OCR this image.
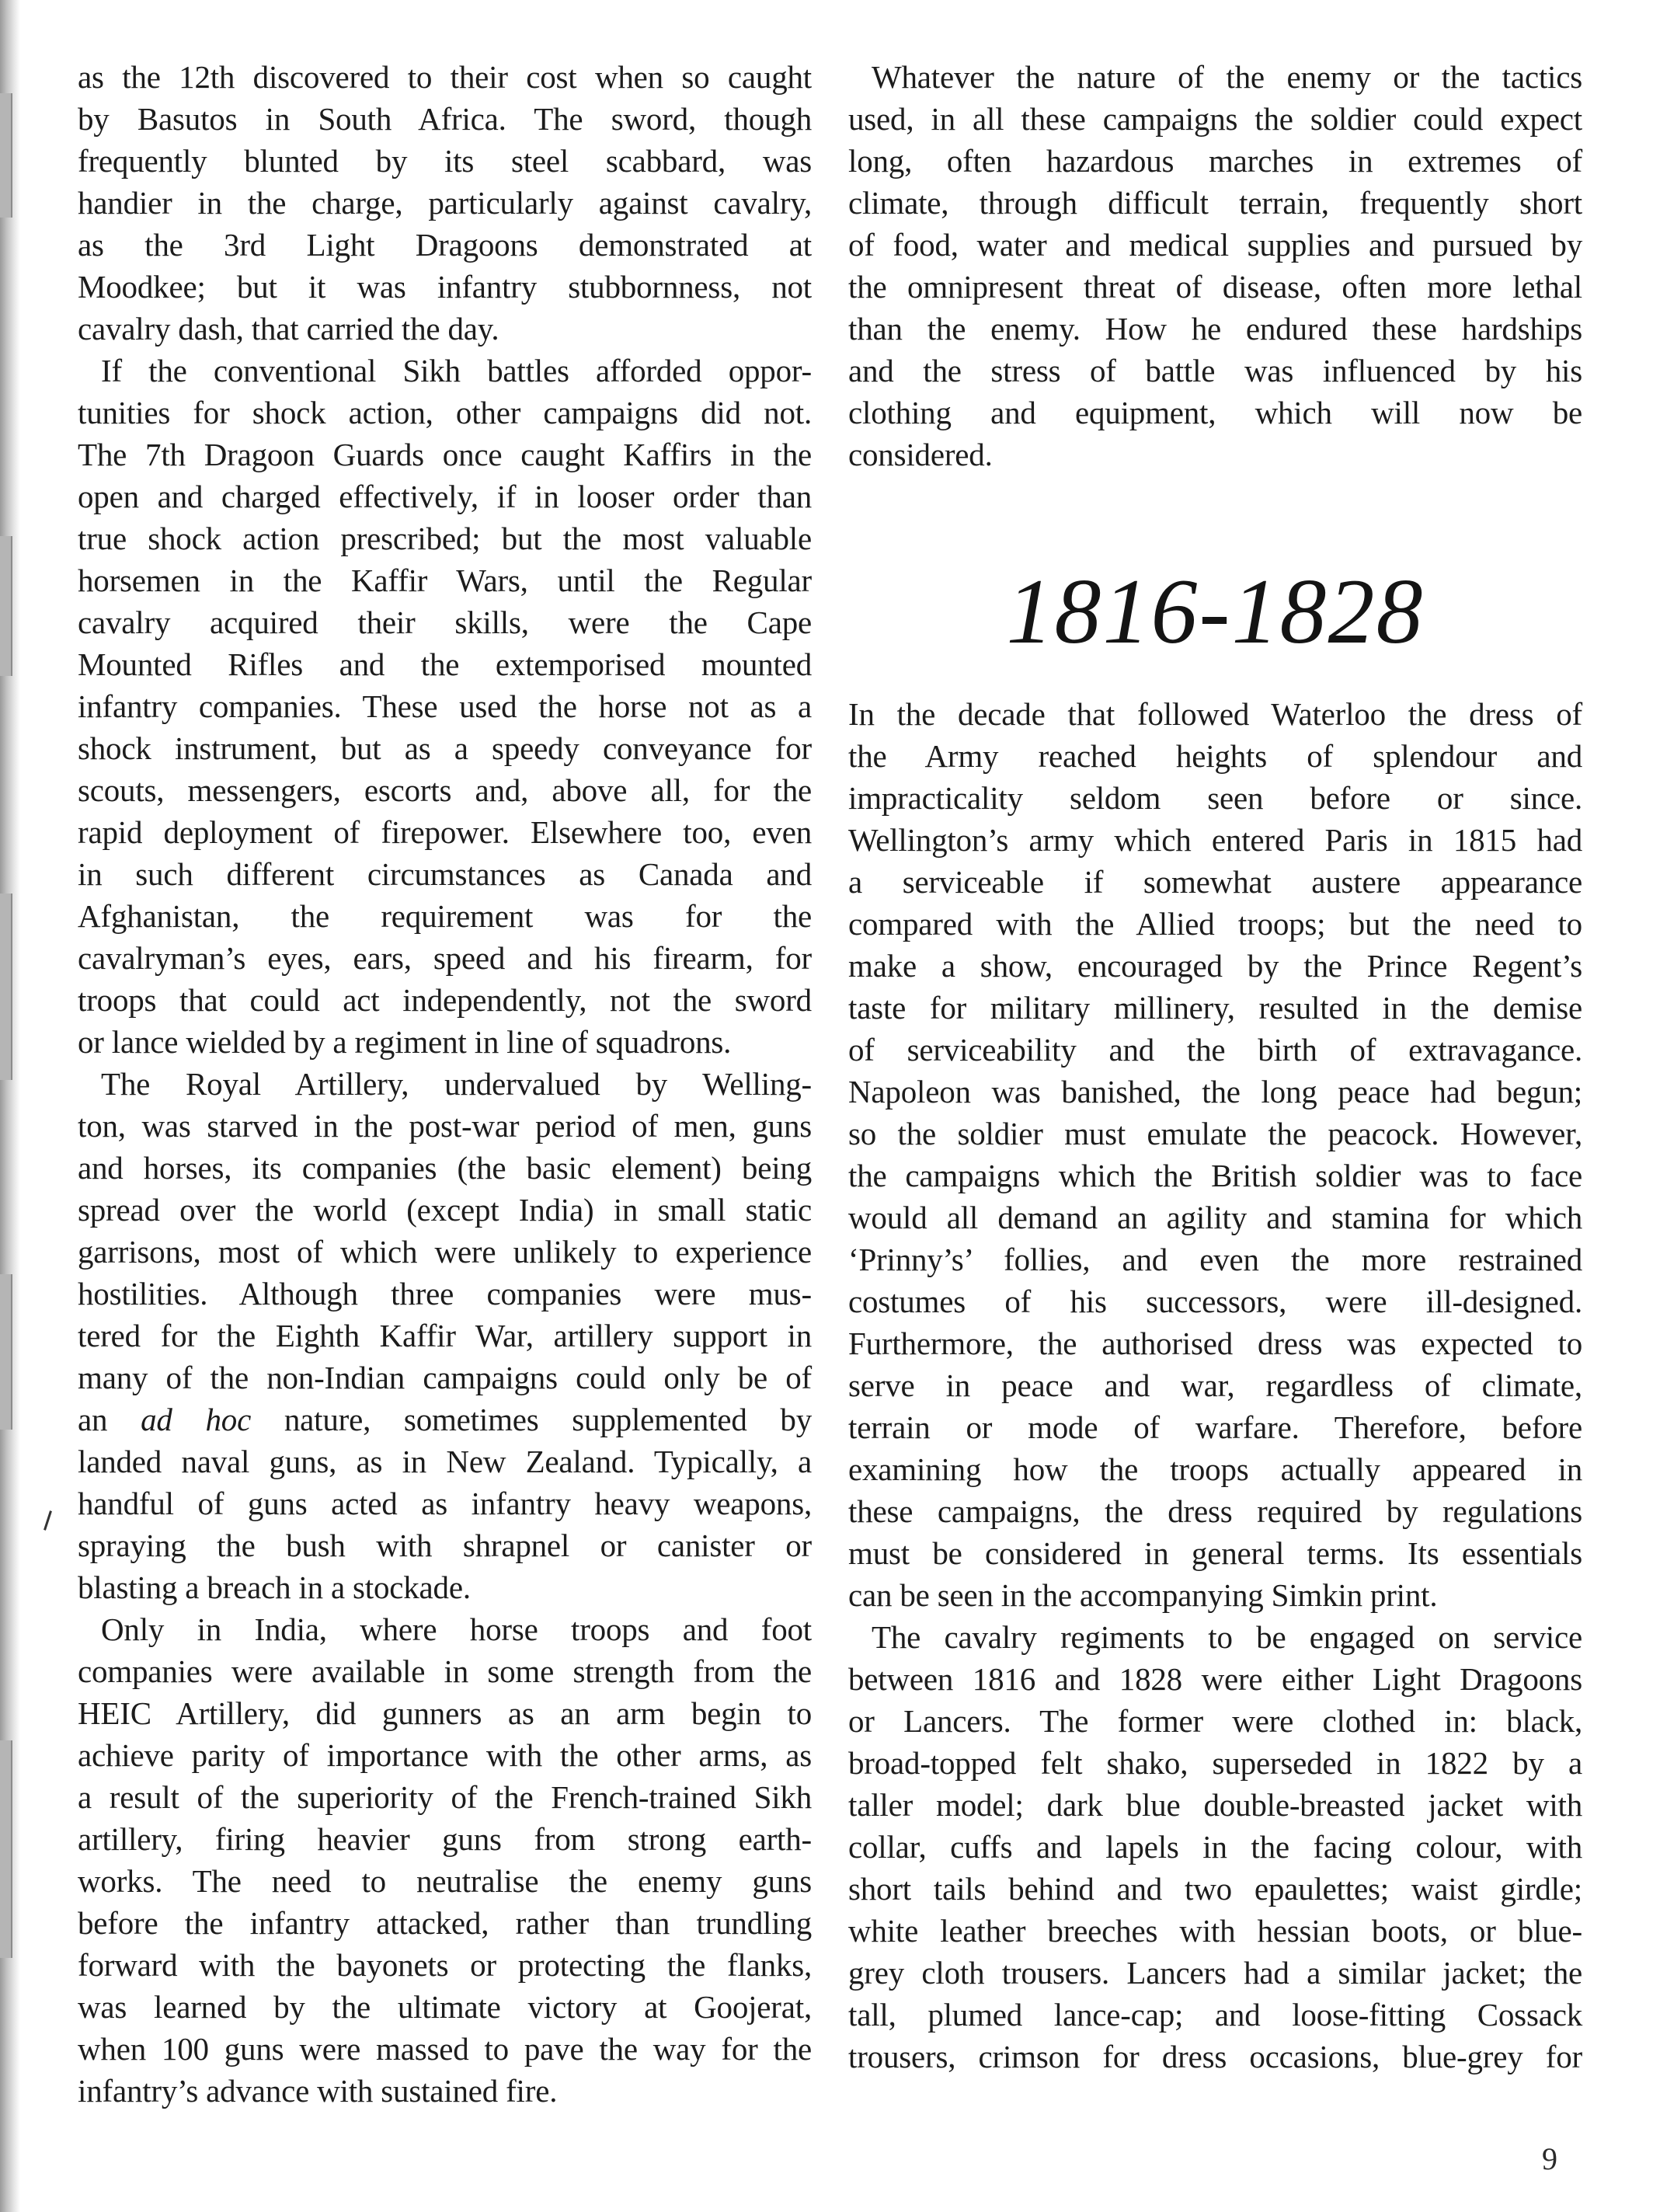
as the 12th discovered to their cost when so caught
by Basutos in South Africa. The sword, though
frequently blunted by its steel scabbard, was
handier in the charge, particularly against cavalry,
as the 3rd Light Dragoons demonstrated at
Moodkee; but it was infantry stubbornness, not
cavalry dash, that carried the day.
If the conventional Sikh battles afforded oppor-
tunities for shock action, other campaigns did not.
The 7th Dragoon Guards once caught Kaffirs in the
open and charged effectively, if in looser order than
true shock action prescribed; but the most valuable
horsemen in the Kaffir Wars, until the Regular
cavalry acquired their skills, were the Cape
Mounted Rifles and the extemporised mounted
infantry companies. These used the horse not as a
shock instrument, but as a speedy conveyance for
scouts, messengers, escorts and, above all, for the
rapid deployment of firepower. Elsewhere too, even
in such different circumstances as Canada and
Afghanistan, the requirement was for the
cavalryman’s eyes, ears, speed and his firearm, for
troops that could act independently, not the sword
or lance wielded by a regiment in line of squadrons.
The Royal Artillery, undervalued by Welling-
ton, was starved in the post-war period of men, guns
and horses, its companies (the basic element) being
spread over the world (except India) in small static
garrisons, most of which were unlikely to experience
hostilities. Although three companies were mus-
tered for the Eighth Kaffir War, artillery support in
many of the non-Indian campaigns could only be of
an ad hoc nature, sometimes supplemented by
landed naval guns, as in New Zealand. Typically, a
handful of guns acted as infantry heavy weapons,
spraying the bush with shrapnel or canister or
blasting a breach in a stockade.
Only in India, where horse troops and foot
companies were available in some strength from the
HEIC Artillery, did gunners as an arm begin to
achieve parity of importance with the other arms, as
a result of the superiority of the French-trained Sikh
artillery, firing heavier guns from strong earth-
works. The need to neutralise the enemy guns
before the infantry attacked, rather than trundling
forward with the bayonets or protecting the flanks,
was learned by the ultimate victory at Goojerat,
when 100 guns were massed to pave the way for the
infantry’s advance with sustained fire.
Whatever the nature of the enemy or the tactics
used, in all these campaigns the soldier could expect
long, often hazardous marches in extremes of
climate, through difficult terrain, frequently short
of food, water and medical supplies and pursued by
the omnipresent threat of disease, often more lethal
than the enemy. How he endured these hardships
and the stress of battle was influenced by his
clothing and equipment, which will now be
considered.
1816-1828
In the decade that followed Waterloo the dress of
the Army reached heights of splendour and
impracticality seldom seen before or since.
Wellington’s army which entered Paris in 1815 had
a serviceable if somewhat austere appearance
compared with the Allied troops; but the need to
make a show, encouraged by the Prince Regent’s
taste for military millinery, resulted in the demise
of serviceability and the birth of extravagance.
Napoleon was banished, the long peace had begun;
so the soldier must emulate the peacock. However,
the campaigns which the British soldier was to face
would all demand an agility and stamina for which
‘Prinny’s’ follies, and even the more restrained
costumes of his successors, were ill-designed.
Furthermore, the authorised dress was expected to
serve in peace and war, regardless of climate,
terrain or mode of warfare. Therefore, before
examining how the troops actually appeared in
these campaigns, the dress required by regulations
must be considered in general terms. Its essentials
can be seen in the accompanying Simkin print.
The cavalry regiments to be engaged on service
between 1816 and 1828 were either Light Dragoons
or Lancers. The former were clothed in: black,
broad-topped felt shako, superseded in 1822 by a
taller model; dark blue double-breasted jacket with
collar, cuffs and lapels in the facing colour, with
short tails behind and two epaulettes; waist girdle;
white leather breeches with hessian boots, or blue-
grey cloth trousers. Lancers had a similar jacket; the
tall, plumed lance-cap; and loose-fitting Cossack
trousers, crimson for dress occasions, blue-grey for
9
